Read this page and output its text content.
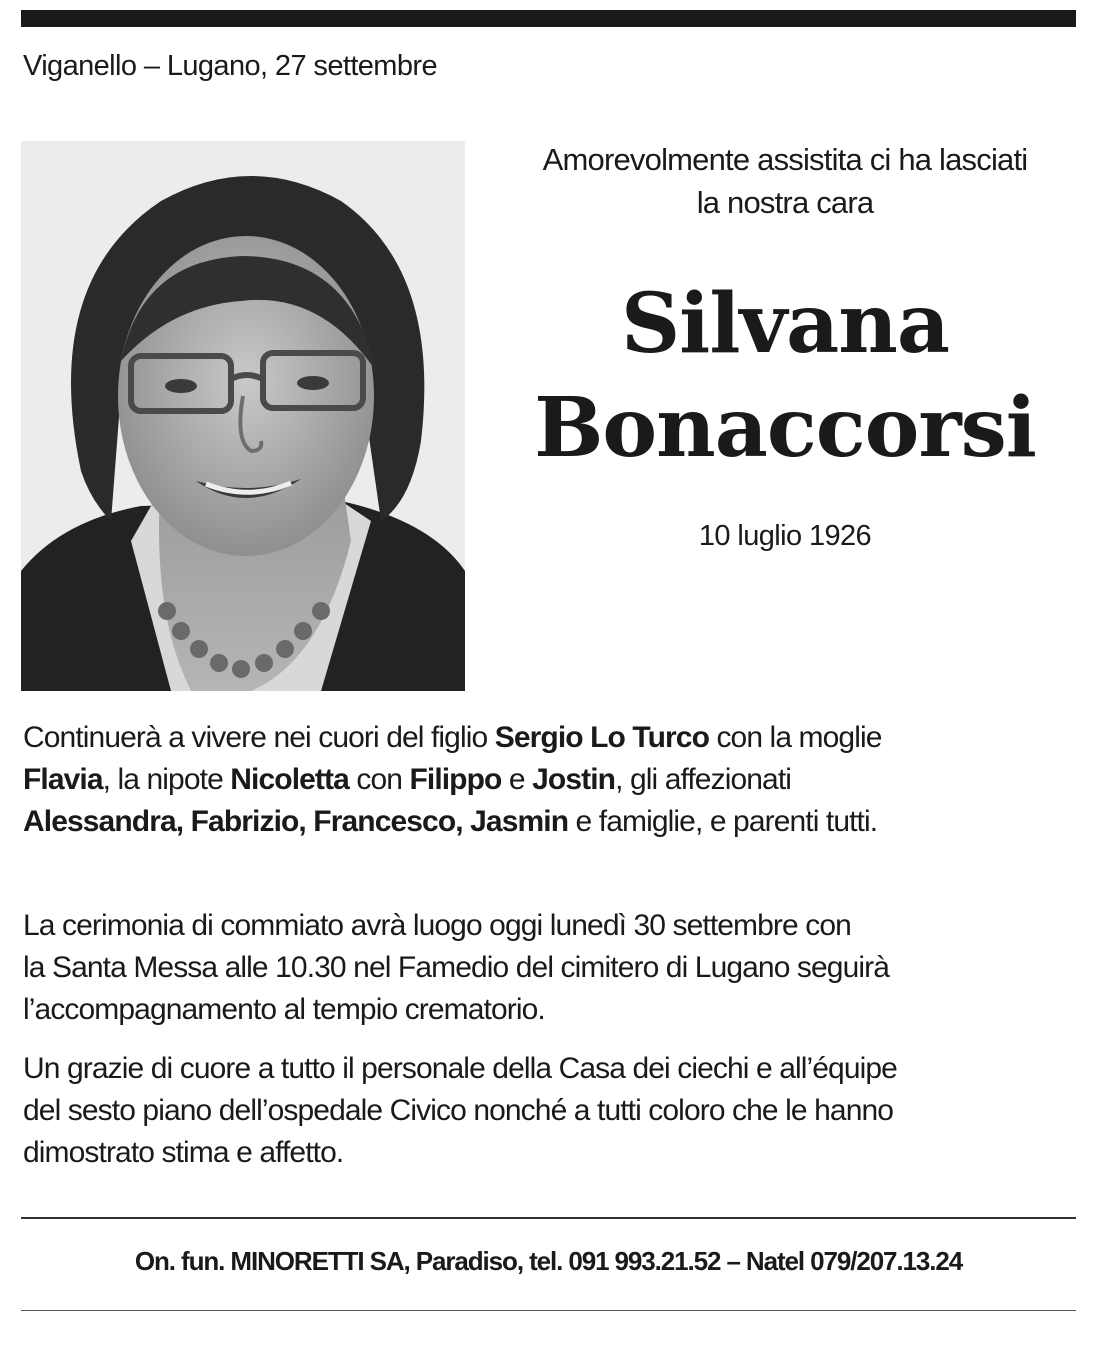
Viganello – Lugano, 27 settembre
Amorevolmente assistita ci ha lasciati
la nostra cara
Silvana
Bonaccorsi
10 luglio 1926
Continuerà a vivere nei cuori del figlio Sergio Lo Turco con la moglie
Flavia, la nipote Nicoletta con Filippo e Jostin, gli affezionati
Alessandra, Fabrizio, Francesco, Jasmin e famiglie, e parenti tutti.
La cerimonia di commiato avrà luogo oggi lunedì 30 settembre con
la Santa Messa alle 10.30 nel Famedio del cimitero di Lugano seguirà
l’accompagnamento al tempio crematorio.
Un grazie di cuore a tutto il personale della Casa dei ciechi e all’équipe
del sesto piano dell’ospedale Civico nonché a tutti coloro che le hanno
dimostrato stima e affetto.
On. fun. MINORETTI SA, Paradiso, tel. 091 993.21.52 – Natel 079/207.13.24
